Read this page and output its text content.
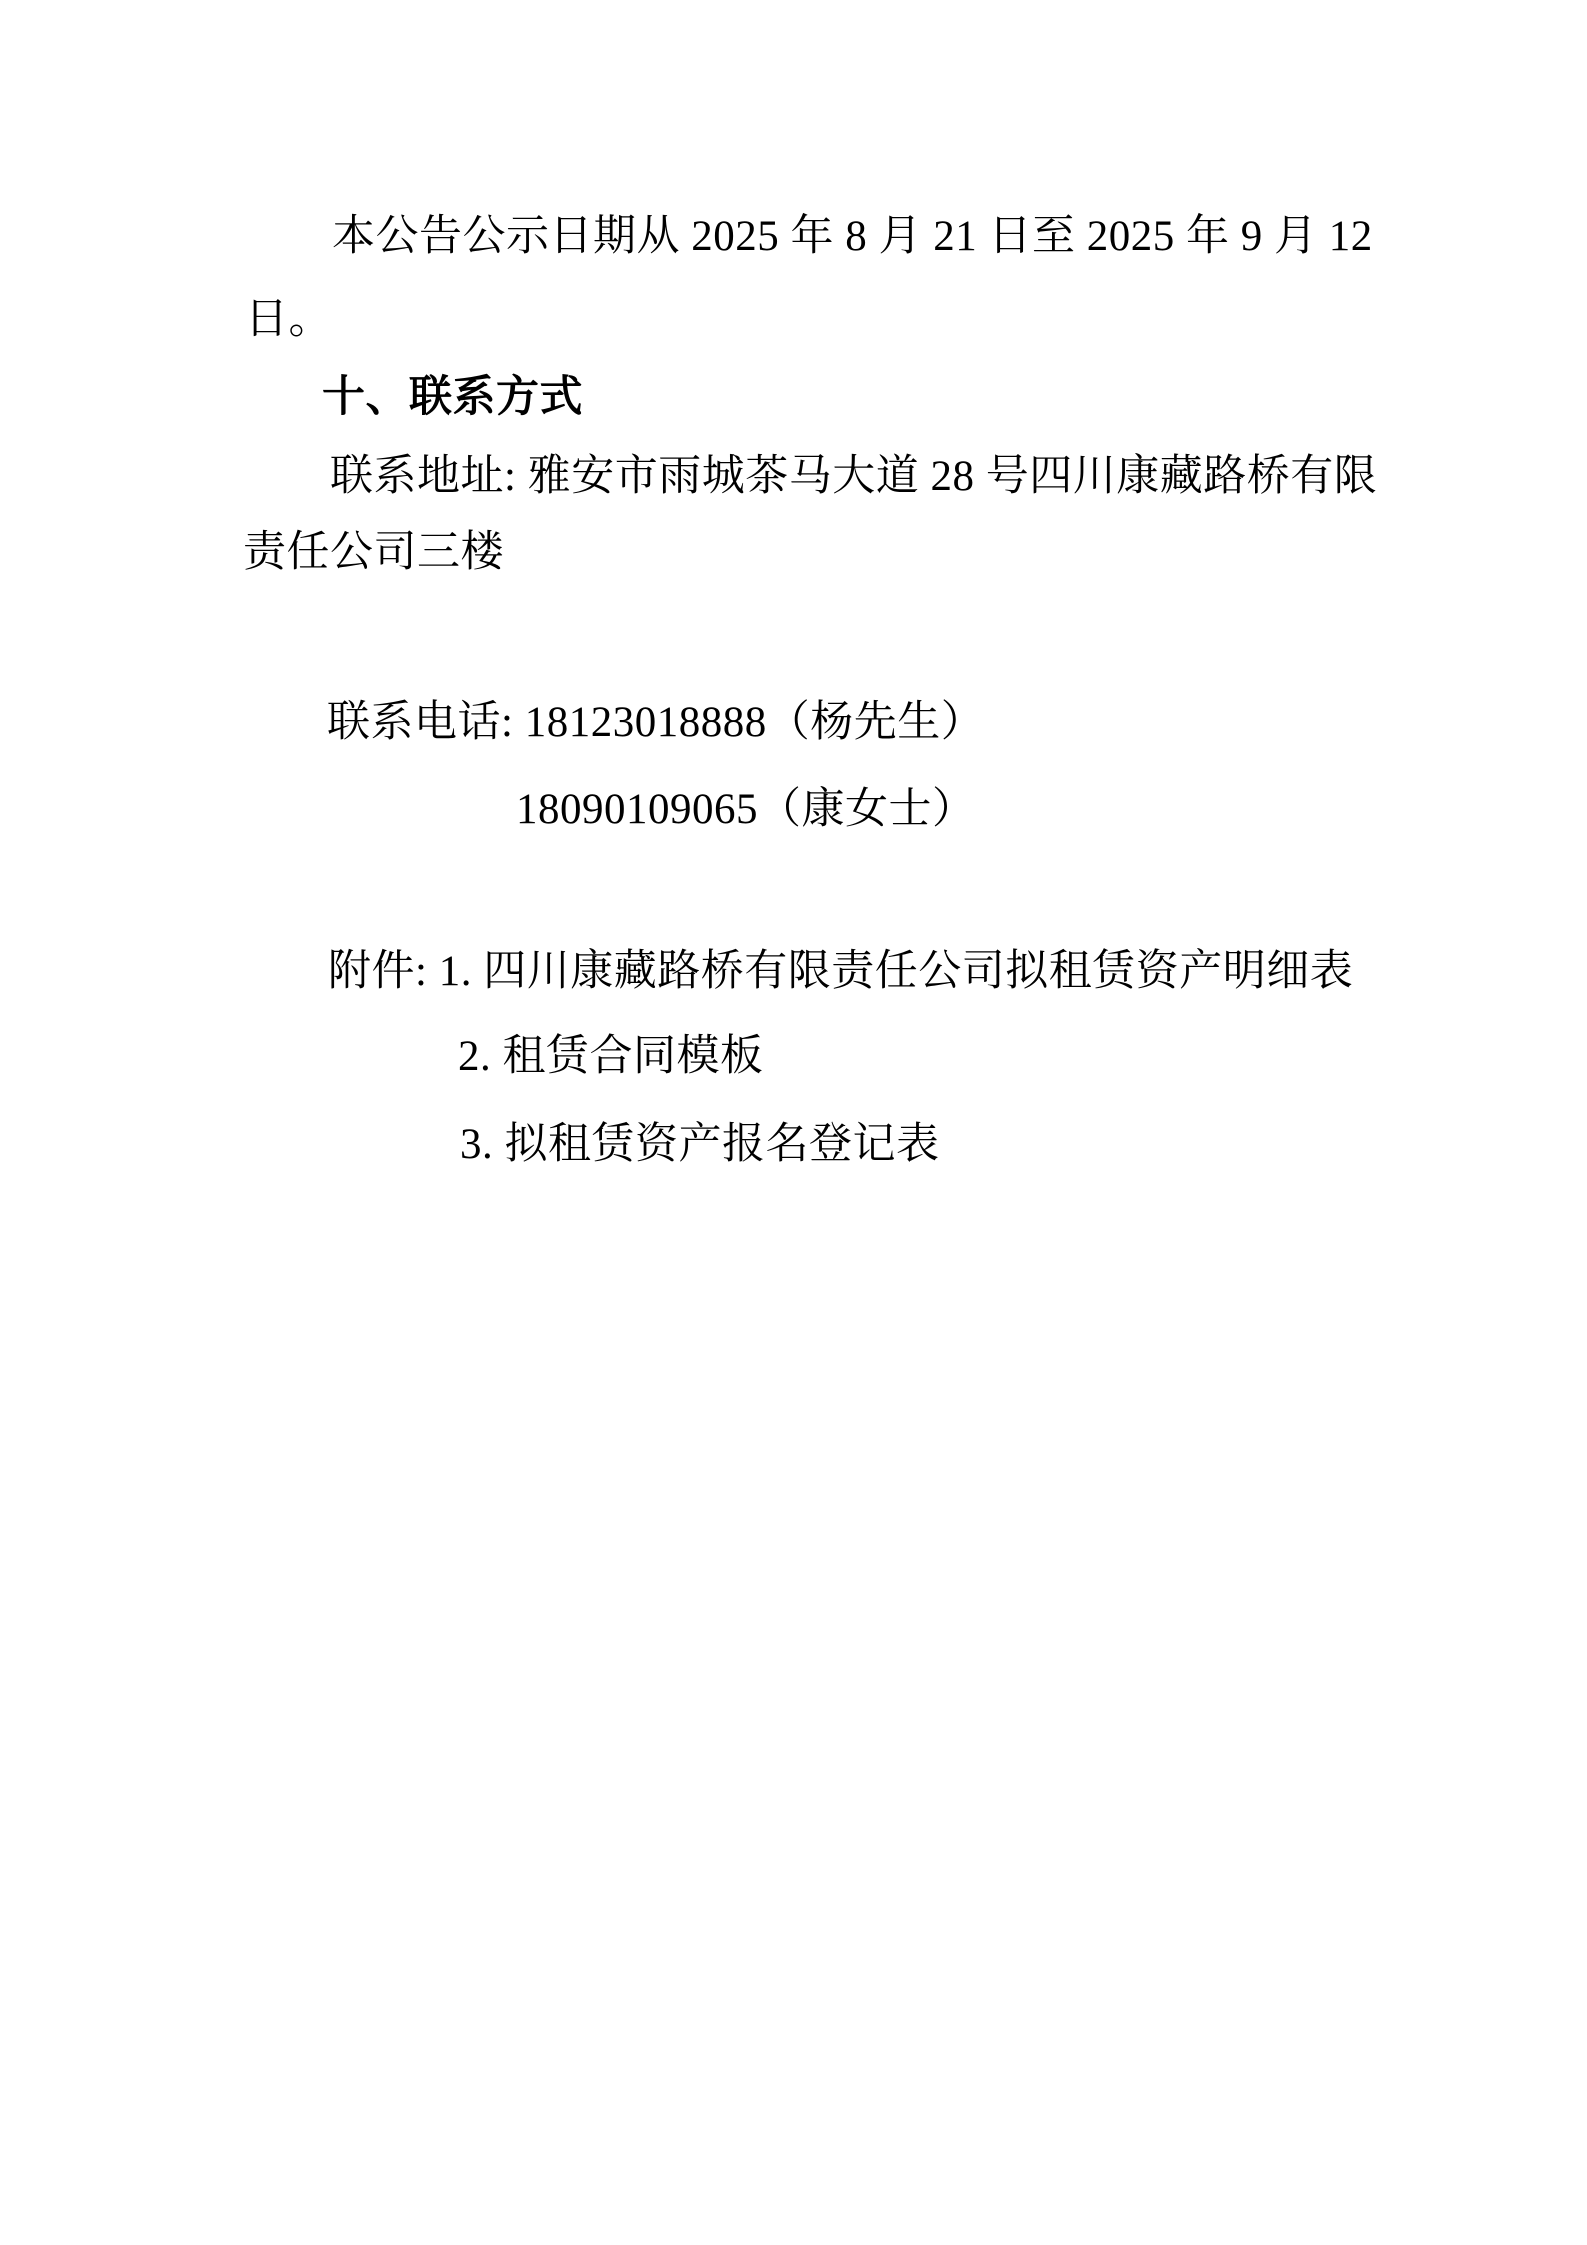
本公告公示日期从 2025 年 8 月 21 日至 2025 年 9 月 12
日。
十、联系方式
联系地址: 雅安市雨城茶马大道 28 号四川康藏路桥有限
责任公司三楼
联系电话: 18123018888（杨先生）
18090109065（康女士）
附件: 1. 四川康藏路桥有限责任公司拟租赁资产明细表
2. 租赁合同模板
3. 拟租赁资产报名登记表
